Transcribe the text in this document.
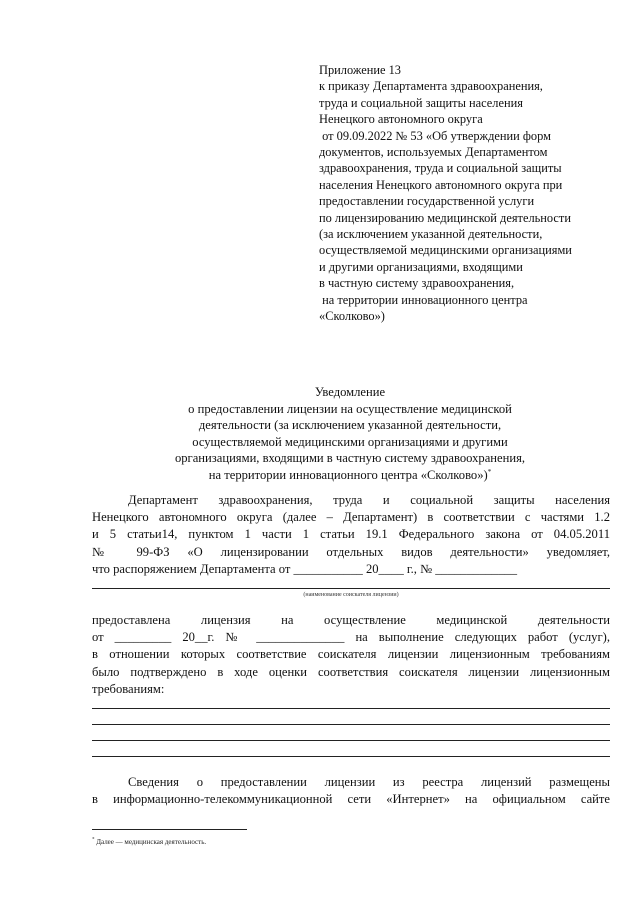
Приложение 13
к приказу Департамента здравоохранения,
труда и социальной защиты населения
Ненецкого автономного округа
от 09.09.2022 № 53 «Об утверждении форм
документов, используемых Департаментом
здравоохранения, труда и социальной защиты
населения Ненецкого автономного округа при
предоставлении государственной услуги
по лицензированию медицинской деятельности
(за исключением указанной деятельности,
осуществляемой медицинскими организациями
и другими организациями, входящими
в частную систему здравоохранения,
на территории инновационного центра
«Сколково»)
Уведомление
о предоставлении лицензии на осуществление медицинской
деятельности (за исключением указанной деятельности,
осуществляемой медицинскими организациями и другими
организациями, входящими в частную систему здравоохранения,
на территории инновационного центра «Сколково»)*
Департамент здравоохранения, труда и социальной защиты населения
Ненецкого автономного округа (далее – Департамент) в соответствии с частями 1.2
и 5 статьи14, пунктом 1 части 1 статьи 19.1 Федерального закона от 04.05.2011
№ 99-ФЗ «О лицензировании отдельных видов деятельности» уведомляет,
что распоряжением Департамента от ___________ 20____ г., № _____________
(наименование соискателя лицензии)
предоставлена лицензия на осуществление медицинской деятельности
от _________ 20__г. № ______________ на выполнение следующих работ (услуг),
в отношении которых соответствие соискателя лицензии лицензионным требованиям
было подтверждено в ходе оценки соответствия соискателя лицензии лицензионным
требованиям:
Сведения о предоставлении лицензии из реестра лицензий размещены
в информационно-телекоммуникационной сети «Интернет» на официальном сайте
* Далее — медицинская деятельность.
